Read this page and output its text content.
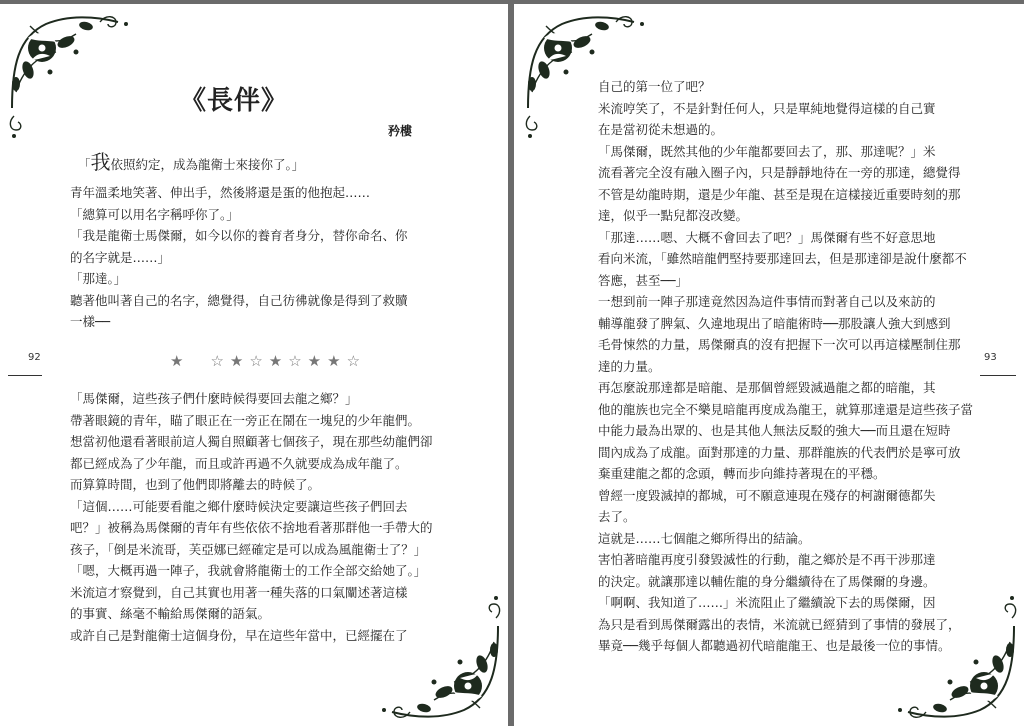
《長伴》
矜樓
「我依照約定，成為龍衛士來接你了。」
青年溫柔地笑著、伸出手，然後將還是蛋的他抱起……
「總算可以用名字稱呼你了。」
「我是龍衛士馬傑爾，如今以你的養育者身分，替你命名、你
的名字就是……」
「那達。」
聽著他叫著自己的名字，總覺得，自己彷彿就像是得到了救贖
一樣──
92	★　☆★☆★☆★★☆
「馬傑爾，這些孩子們什麼時候得要回去龍之鄉？」
帶著眼鏡的青年，瞄了眼正在一旁正在鬧在一塊兒的少年龍們。
想當初他還看著眼前這人獨自照顧著七個孩子，現在那些幼龍們卻
都已經成為了少年龍，而且或許再過不久就要成為成年龍了。
而算算時間，也到了他們即將離去的時候了。
「這個……可能要看龍之鄉什麼時候決定要讓這些孩子們回去
吧？」被稱為馬傑爾的青年有些依依不捨地看著那群他一手帶大的
孩子，「倒是米流哥，芙亞娜已經確定是可以成為風龍衛士了？」
「嗯，大概再過一陣子，我就會將龍衛士的工作全部交給她了。」
米流這才察覺到，自己其實也用著一種失落的口氣闡述著這樣
的事實、絲毫不輸給馬傑爾的語氣。
或許自己是對龍衛士這個身份，早在這些年當中，已經擺在了
自己的第一位了吧？
米流哼笑了，不是針對任何人，只是單純地覺得這樣的自己實
在是當初從未想過的。
「馬傑爾，既然其他的少年龍都要回去了，那、那達呢？」米
流看著完全沒有融入圈子內，只是靜靜地待在一旁的那達，總覺得
不管是幼龍時期，還是少年龍、甚至是現在這樣接近重要時刻的那
達，似乎一點兒都沒改變。
「那達……嗯、大概不會回去了吧？」馬傑爾有些不好意思地
看向米流，「雖然暗龍們堅持要那達回去，但是那達卻是說什麼都不
答應，甚至──」
一想到前一陣子那達竟然因為這件事情而對著自己以及來訪的
輔導龍發了脾氣、久違地現出了暗龍術時──那股讓人強大到感到
毛骨悚然的力量，馬傑爾真的沒有把握下一次可以再這樣壓制住那
達的力量。
再怎麼說那達都是暗龍、是那個曾經毀滅過龍之都的暗龍，其
他的龍族也完全不樂見暗龍再度成為龍王，就算那達還是這些孩子當
中能力最為出眾的、也是其他人無法反駁的強大──而且還在短時
間內成為了成龍。面對那達的力量、那群龍族的代表們於是寧可放
棄重建龍之都的念頭，轉而步向維持著現在的平穩。
曾經一度毀滅掉的都城，可不願意連現在殘存的柯謝爾德都失
去了。
這就是……七個龍之鄉所得出的結論。
害怕著暗龍再度引發毀滅性的行動，龍之鄉於是不再干涉那達
的決定。就讓那達以輔佐龍的身分繼續待在了馬傑爾的身邊。
「啊啊、我知道了……」米流阻止了繼續說下去的馬傑爾，因
為只是看到馬傑爾露出的表情，米流就已經猜到了事情的發展了，
畢竟──幾乎每個人都聽過初代暗龍龍王、也是最後一位的事情。
93
